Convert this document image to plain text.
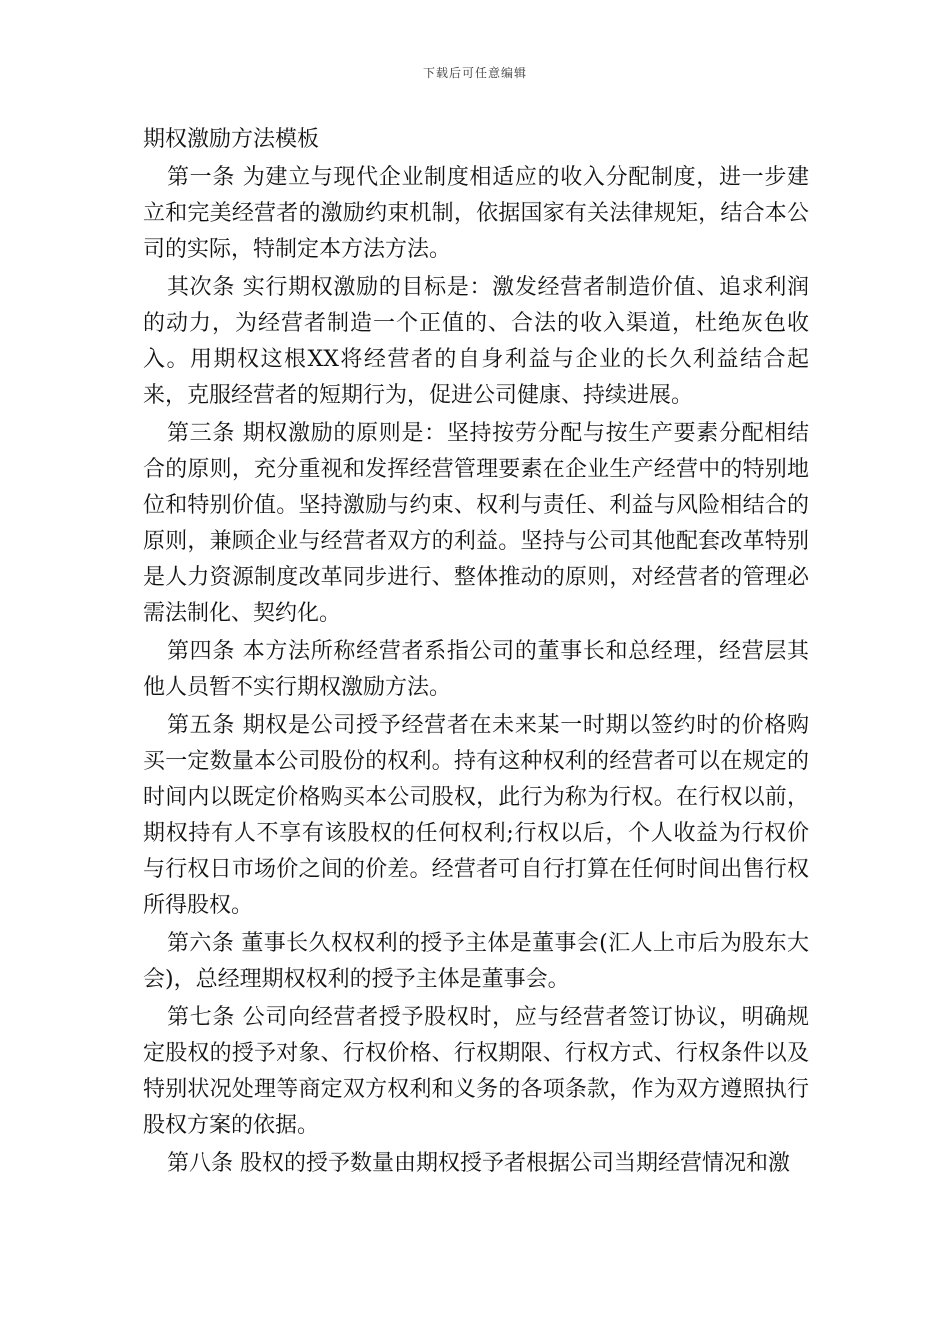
下载后可任意编辑
期权激励方法模板

第一条 为建立与现代企业制度相适应的收入分配制度，进一步建立和完美经营者的激励约束机制，依据国家有关法律规矩，结合本公司的实际，特制定本方法方法。

其次条 实行期权激励的目标是：激发经营者制造价值、追求利润的动力，为经营者制造一个正值的、合法的收入渠道，杜绝灰色收入。用期权这根XX将经营者的自身利益与企业的长久利益结合起来，克服经营者的短期行为，促进公司健康、持续进展。

第三条 期权激励的原则是：坚持按劳分配与按生产要素分配相结合的原则，充分重视和发挥经营管理要素在企业生产经营中的特别地位和特别价值。坚持激励与约束、权利与责任、利益与风险相结合的原则，兼顾企业与经营者双方的利益。坚持与公司其他配套改革特别是人力资源制度改革同步进行、整体推动的原则，对经营者的管理必需法制化、契约化。

第四条 本方法所称经营者系指公司的董事长和总经理，经营层其他人员暂不实行期权激励方法。

第五条 期权是公司授予经营者在未来某一时期以签约时的价格购买一定数量本公司股份的权利。持有这种权利的经营者可以在规定的时间内以既定价格购买本公司股权，此行为称为行权。在行权以前，期权持有人不享有该股权的任何权利;行权以后，个人收益为行权价与行权日市场价之间的价差。经营者可自行打算在任何时间出售行权所得股权。

第六条 董事长久权权利的授予主体是董事会(汇人上市后为股东大会)，总经理期权权利的授予主体是董事会。

第七条 公司向经营者授予股权时，应与经营者签订协议，明确规定股权的授予对象、行权价格、行权期限、行权方式、行权条件以及特别状况处理等商定双方权利和义务的各项条款，作为双方遵照执行股权方案的依据。

第八条 股权的授予数量由期权授予者根据公司当期经营情况和激
